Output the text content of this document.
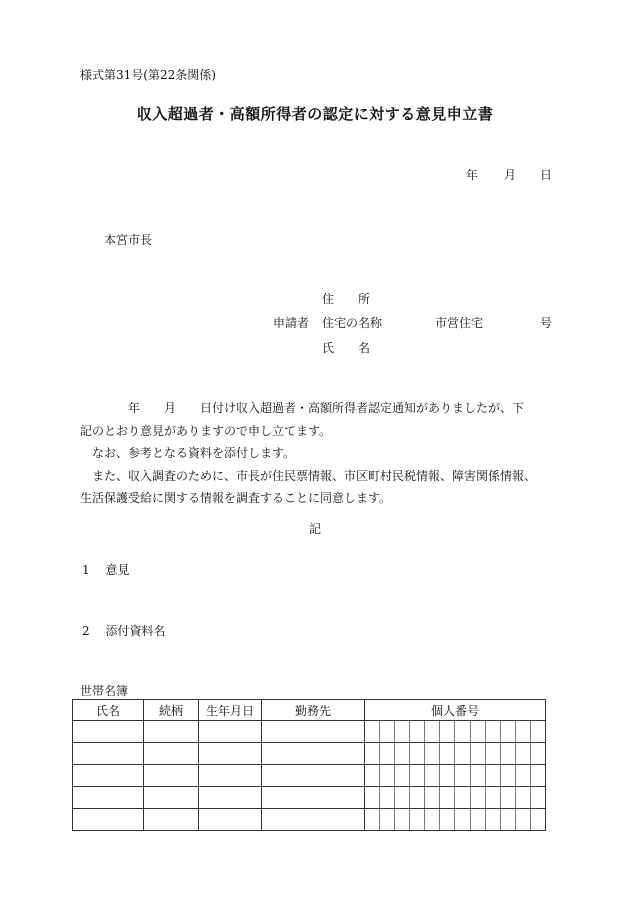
様式第31号(第22条関係)
収入超過者・高額所得者の認定に対する意見申立書
年 月 日
本宮市長
住　　所
申請者 住宅の名称	市営住宅	号
氏　　名

　　　　年　　月　　日付け収入超過者・高額所得者認定通知がありましたが、下

記のとおり意見がありますので申し立てます。

　なお、参考となる資料を添付します。

　また、収入調査のために、市長が住民票情報、市区町村民税情報、障害関係情報、

生活保護受給に関する情報を調査することに同意します。

記
1 意見
2 添付資料名
世帯名簿
氏名	続柄	生年月日	勤務先	個人番号
